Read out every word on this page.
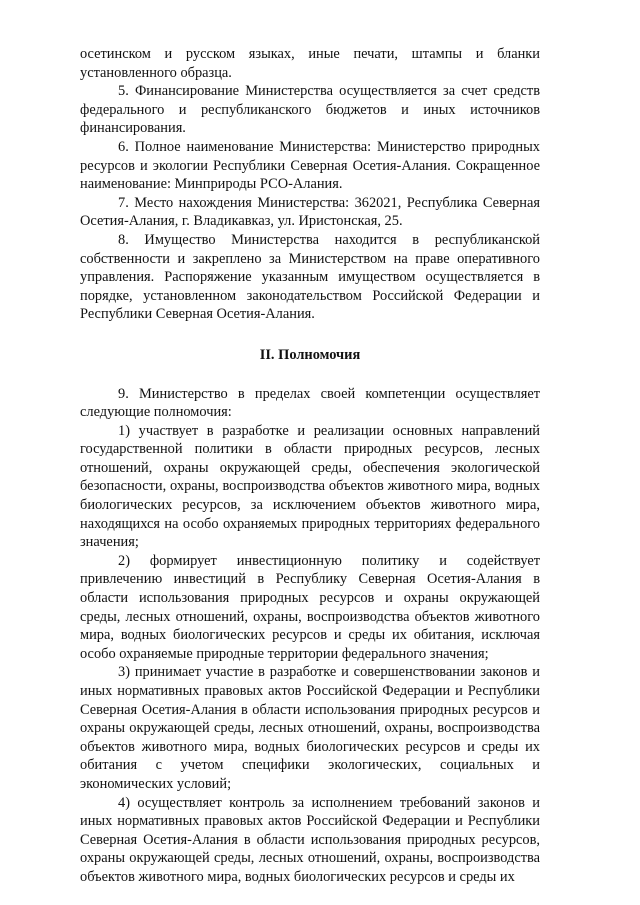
осетинском и русском языках, иные печати, штампы и бланки установленного образца.

5. Финансирование Министерства осуществляется за счет средств федерального и республиканского бюджетов и иных источников финансирования.

6. Полное наименование Министерства: Министерство природных ресурсов и экологии Республики Северная Осетия-Алания. Сокращенное наименование: Минприроды РСО-Алания.

7. Место нахождения Министерства: 362021, Республика Северная Осетия-Алания, г. Владикавказ, ул. Иристонская, 25.

8. Имущество Министерства находится в республиканской собственности и закреплено за Министерством на праве оперативного управления. Распоряжение указанным имуществом осуществляется в порядке, установленном законодательством Российской Федерации и Республики Северная Осетия-Алания.

II. Полномочия

9. Министерство в пределах своей компетенции осуществляет следующие полномочия:

1) участвует в разработке и реализации основных направлений государственной политики в области природных ресурсов, лесных отношений, охраны окружающей среды, обеспечения экологической безопасности, охраны, воспроизводства объектов животного мира, водных биологических ресурсов, за исключением объектов животного мира, находящихся на особо охраняемых природных территориях федерального значения;

2) формирует инвестиционную политику и содействует привлечению инвестиций в Республику Северная Осетия-Алания в области использования природных ресурсов и охраны окружающей среды, лесных отношений, охраны, воспроизводства объектов животного мира, водных биологических ресурсов и среды их обитания, исключая особо охраняемые природные территории федерального значения;

3) принимает участие в разработке и совершенствовании законов и иных нормативных правовых актов Российской Федерации и Республики Северная Осетия-Алания в области использования природных ресурсов и охраны окружающей среды, лесных отношений, охраны, воспроизводства объектов животного мира, водных биологических ресурсов и среды их обитания с учетом специфики экологических, социальных и экономических условий;

4) осуществляет контроль за исполнением требований законов и иных нормативных правовых актов Российской Федерации и Республики Северная Осетия-Алания в области использования природных ресурсов, охраны окружающей среды, лесных отношений, охраны, воспроизводства объектов животного мира, водных биологических ресурсов и среды их
